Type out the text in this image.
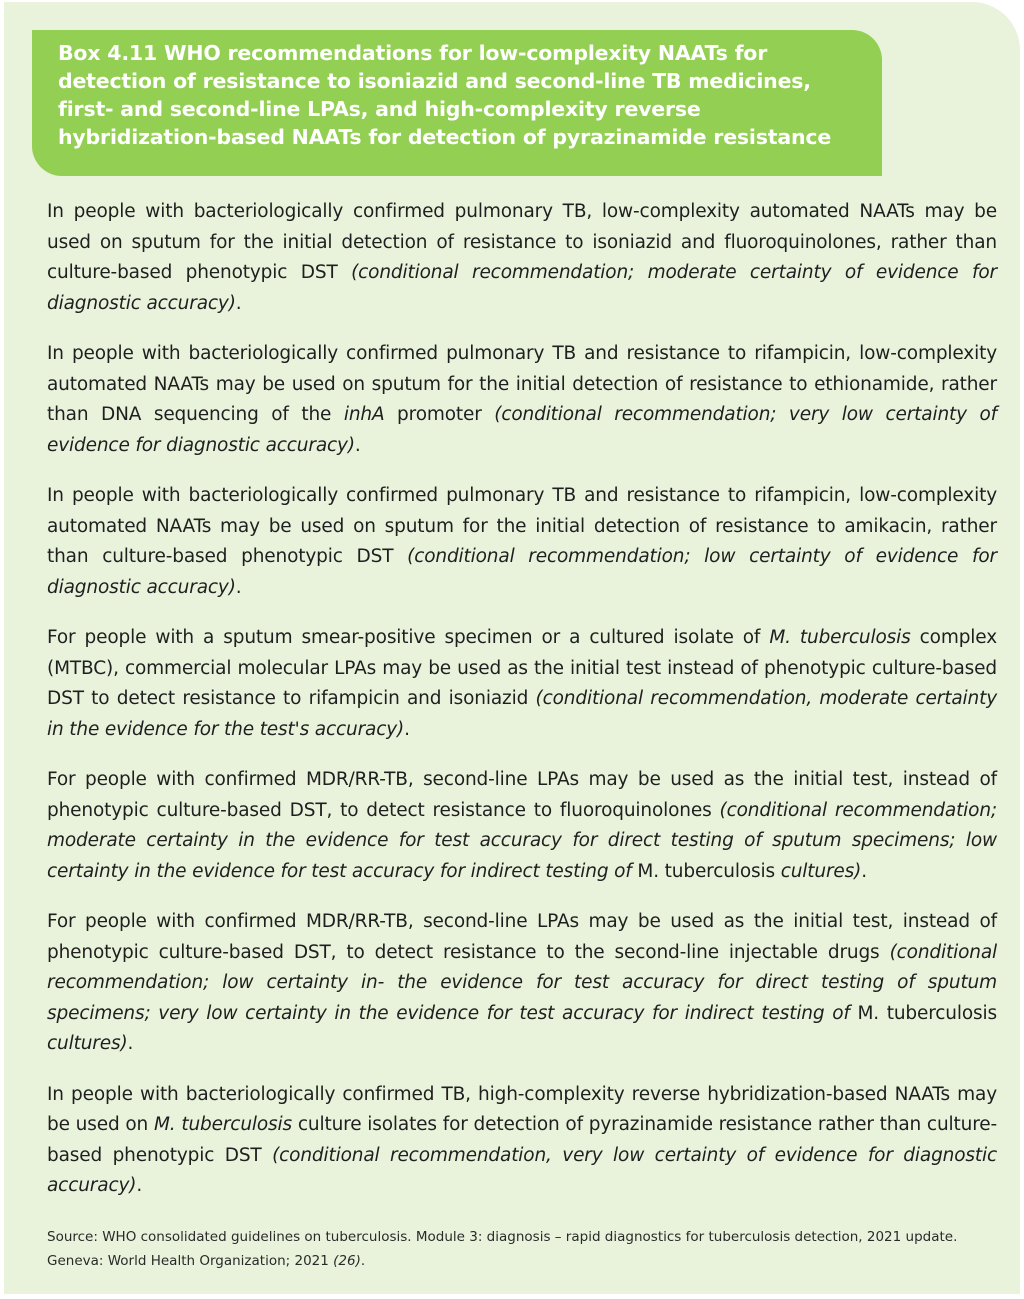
Box 4.11 WHO recommendations for low-complexity NAATs for detection of resistance to isoniazid and second-line TB medicines, first- and second-line LPAs, and high-complexity reverse hybridization-based NAATs for detection of pyrazinamide resistance

In people with bacteriologically confirmed pulmonary TB, low-complexity automated NAATs may be used on sputum for the initial detection of resistance to isoniazid and fluoroquinolones, rather than culture-based phenotypic DST (conditional recommendation; moderate certainty of evidence for diagnostic accuracy).

In people with bacteriologically confirmed pulmonary TB and resistance to rifampicin, low-complexity automated NAATs may be used on sputum for the initial detection of resistance to ethionamide, rather than DNA sequencing of the inhA promoter (conditional recommendation; very low certainty of evidence for diagnostic accuracy).

In people with bacteriologically confirmed pulmonary TB and resistance to rifampicin, low-complexity automated NAATs may be used on sputum for the initial detection of resistance to amikacin, rather than culture-based phenotypic DST (conditional recommendation; low certainty of evidence for diagnostic accuracy).

For people with a sputum smear-positive specimen or a cultured isolate of M. tuberculosis complex (MTBC), commercial molecular LPAs may be used as the initial test instead of phenotypic culture-based DST to detect resistance to rifampicin and isoniazid (conditional recommendation, moderate certainty in the evidence for the test's accuracy).

For people with confirmed MDR/RR-TB, second-line LPAs may be used as the initial test, instead of phenotypic culture-based DST, to detect resistance to fluoroquinolones (conditional recommendation; moderate certainty in the evidence for test accuracy for direct testing of sputum specimens; low certainty in the evidence for test accuracy for indirect testing of M. tuberculosis cultures).

For people with confirmed MDR/RR-TB, second-line LPAs may be used as the initial test, instead of phenotypic culture-based DST, to detect resistance to the second-line injectable drugs (conditional recommendation; low certainty in- the evidence for test accuracy for direct testing of sputum specimens; very low certainty in the evidence for test accuracy for indirect testing of M. tuberculosis cultures).

In people with bacteriologically confirmed TB, high-complexity reverse hybridization-based NAATs may be used on M. tuberculosis culture isolates for detection of pyrazinamide resistance rather than culture-based phenotypic DST (conditional recommendation, very low certainty of evidence for diagnostic accuracy).

Source: WHO consolidated guidelines on tuberculosis. Module 3: diagnosis – rapid diagnostics for tuberculosis detection, 2021 update. Geneva: World Health Organization; 2021 (26).
